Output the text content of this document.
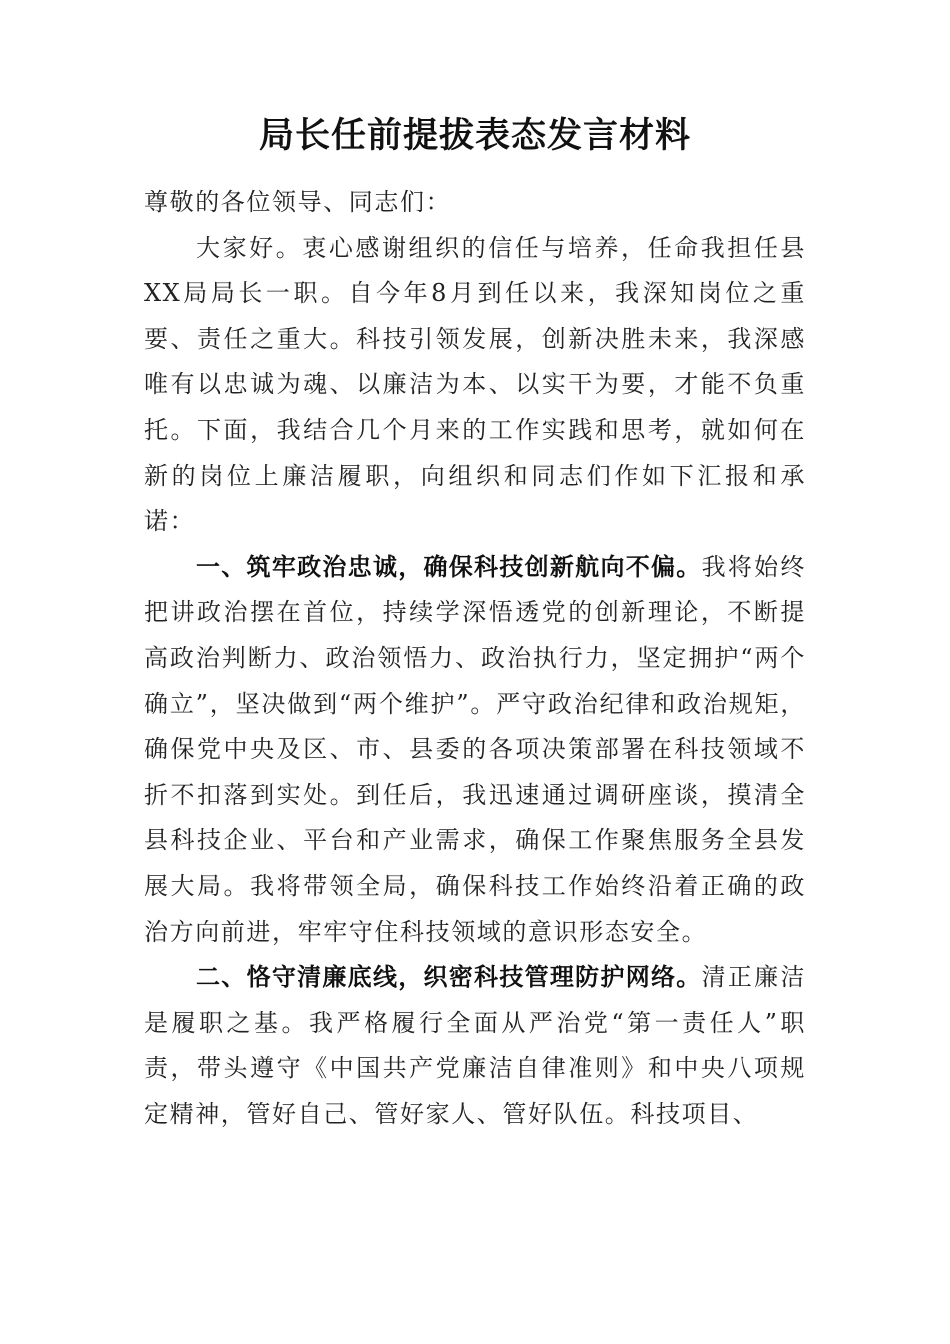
局长任前提拔表态发言材料

尊敬的各位领导、同志们：

大家好。衷心感谢组织的信任与培养，任命我担任县XX局局长一职。自今年8月到任以来，我深知岗位之重要、责任之重大。科技引领发展，创新决胜未来，我深感唯有以忠诚为魂、以廉洁为本、以实干为要，才能不负重托。下面，我结合几个月来的工作实践和思考，就如何在新的岗位上廉洁履职，向组织和同志们作如下汇报和承诺：

一、筑牢政治忠诚，确保科技创新航向不偏。我将始终把讲政治摆在首位，持续学深悟透党的创新理论，不断提高政治判断力、政治领悟力、政治执行力，坚定拥护“两个确立”，坚决做到“两个维护”。严守政治纪律和政治规矩，确保党中央及区、市、县委的各项决策部署在科技领域不折不扣落到实处。到任后，我迅速通过调研座谈，摸清全县科技企业、平台和产业需求，确保工作聚焦服务全县发展大局。我将带领全局，确保科技工作始终沿着正确的政治方向前进，牢牢守住科技领域的意识形态安全。

二、恪守清廉底线，织密科技管理防护网络。清正廉洁是履职之基。我严格履行全面从严治党“第一责任人”职责，带头遵守《中国共产党廉洁自律准则》和中央八项规定精神，管好自己、管好家人、管好队伍。科技项目、
